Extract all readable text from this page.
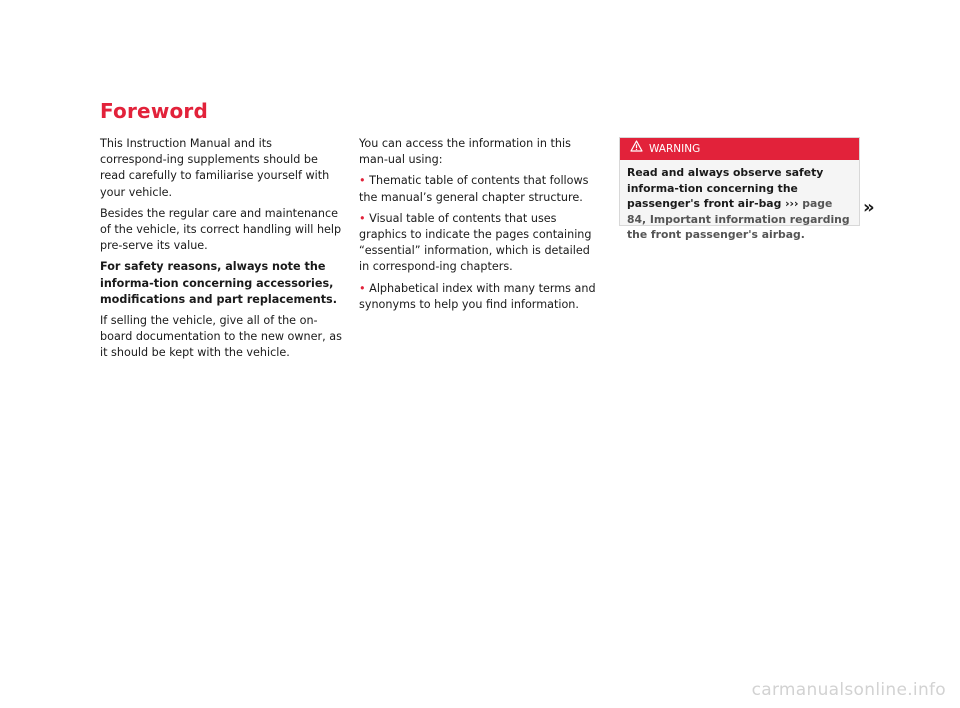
Foreword

This Instruction Manual and its correspond-ing supplements should be read carefully to familiarise yourself with your vehicle.

Besides the regular care and maintenance of the vehicle, its correct handling will help pre-serve its value.

For safety reasons, always note the informa-tion concerning accessories, modifications and part replacements.

If selling the vehicle, give all of the on-board documentation to the new owner, as it should be kept with the vehicle.

You can access the information in this man-ual using:

• Thematic table of contents that follows the manual’s general chapter structure.

• Visual table of contents that uses graphics to indicate the pages containing “essential” information, which is detailed in correspond-ing chapters.

• Alphabetical index with many terms and synonyms to help you find information.

WARNING
Read and always observe safety informa-tion concerning the passenger's front air-bag ››› page 84, Important information regarding the front passenger's airbag.
»
carmanualsonline.info
